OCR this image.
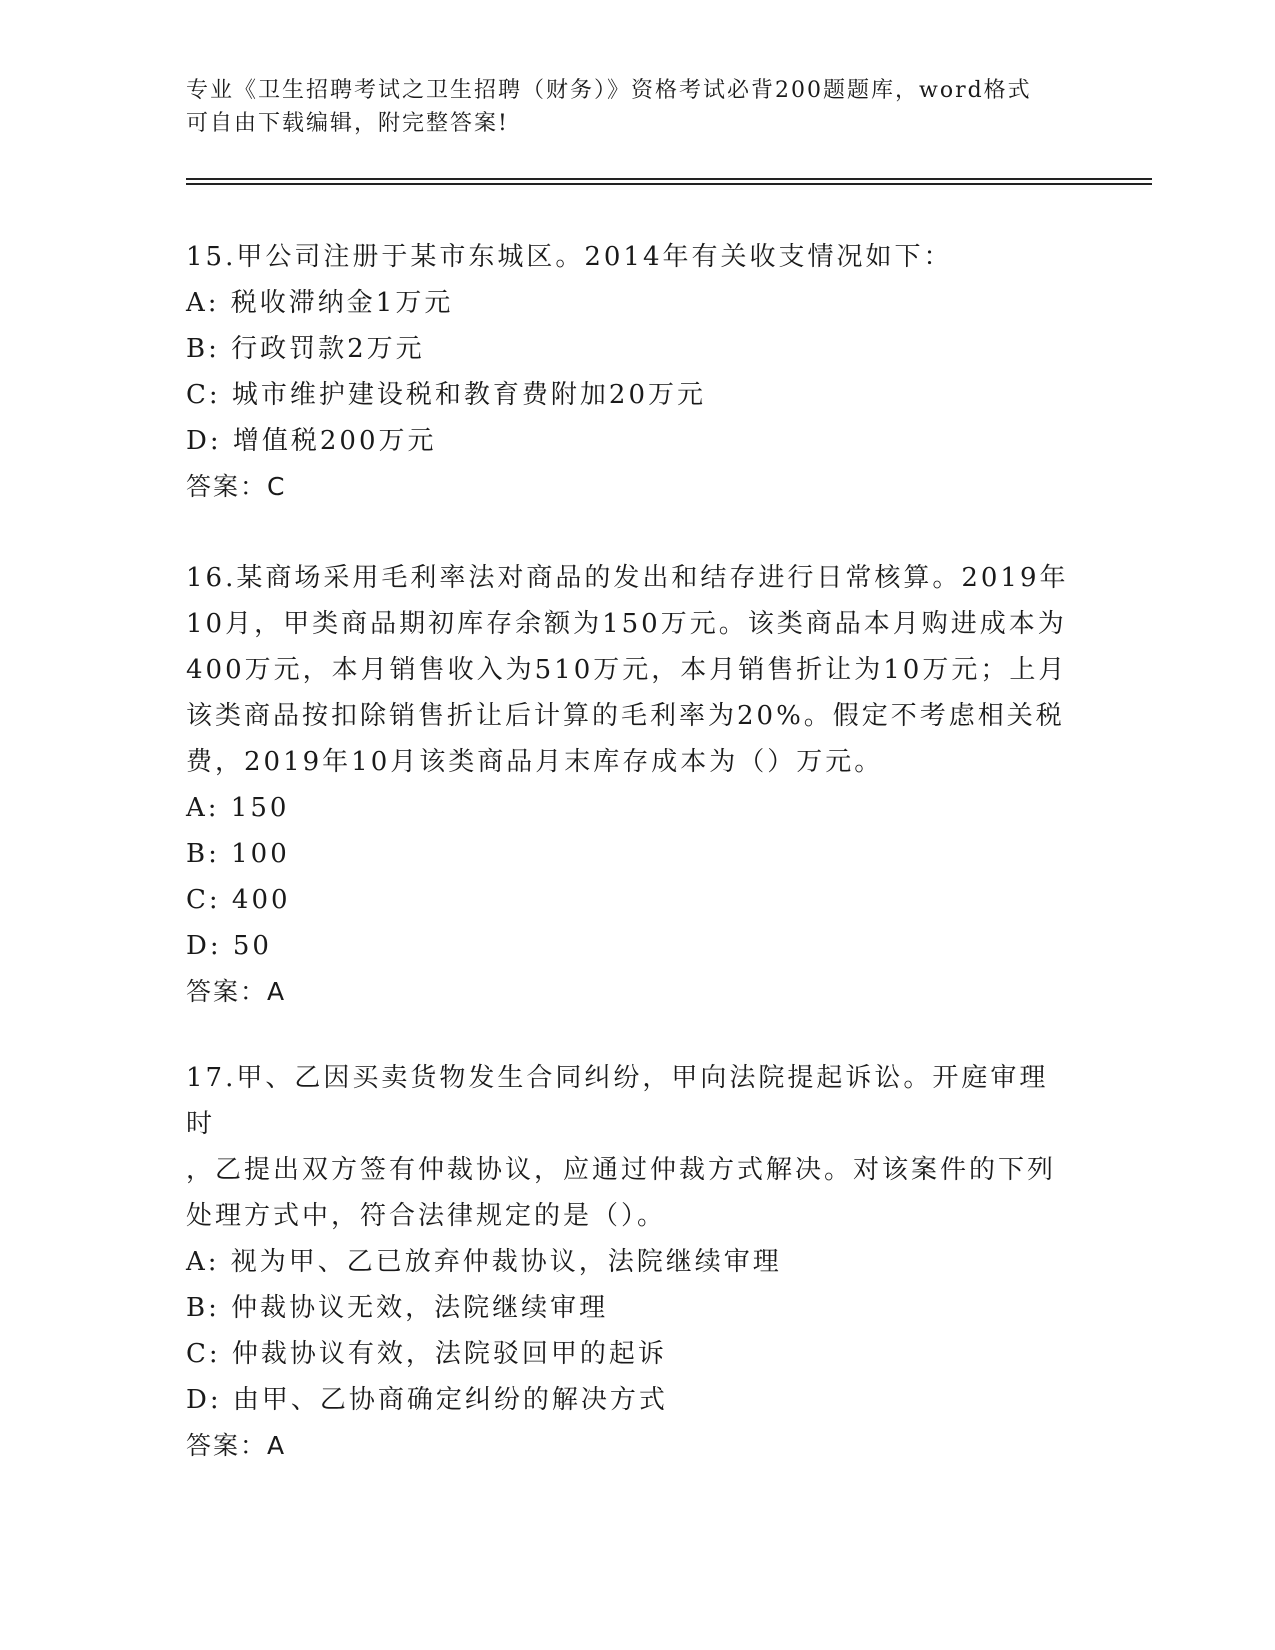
专业《卫生招聘考试之卫生招聘（财务）》资格考试必背200题题库，word格式
可自由下载编辑，附完整答案!
15.甲公司注册于某市东城区。2014年有关收支情况如下：
A: 税收滞纳金1万元
B: 行政罚款2万元
C: 城市维护建设税和教育费附加20万元
D: 增值税200万元
答案：C
16.某商场采用毛利率法对商品的发出和结存进行日常核算。2019年
10月，甲类商品期初库存余额为150万元。该类商品本月购进成本为
400万元，本月销售收入为510万元，本月销售折让为10万元；上月
该类商品按扣除销售折让后计算的毛利率为20%。假定不考虑相关税
费，2019年10月该类商品月末库存成本为（）万元。
A: 150
B: 100
C: 400
D: 50
答案：A
17.甲、乙因买卖货物发生合同纠纷，甲向法院提起诉讼。开庭审理时
，乙提出双方签有仲裁协议，应通过仲裁方式解决。对该案件的下列
处理方式中，符合法律规定的是（）。
A: 视为甲、乙已放弃仲裁协议，法院继续审理
B: 仲裁协议无效，法院继续审理
C: 仲裁协议有效，法院驳回甲的起诉
D: 由甲、乙协商确定纠纷的解决方式
答案：A
